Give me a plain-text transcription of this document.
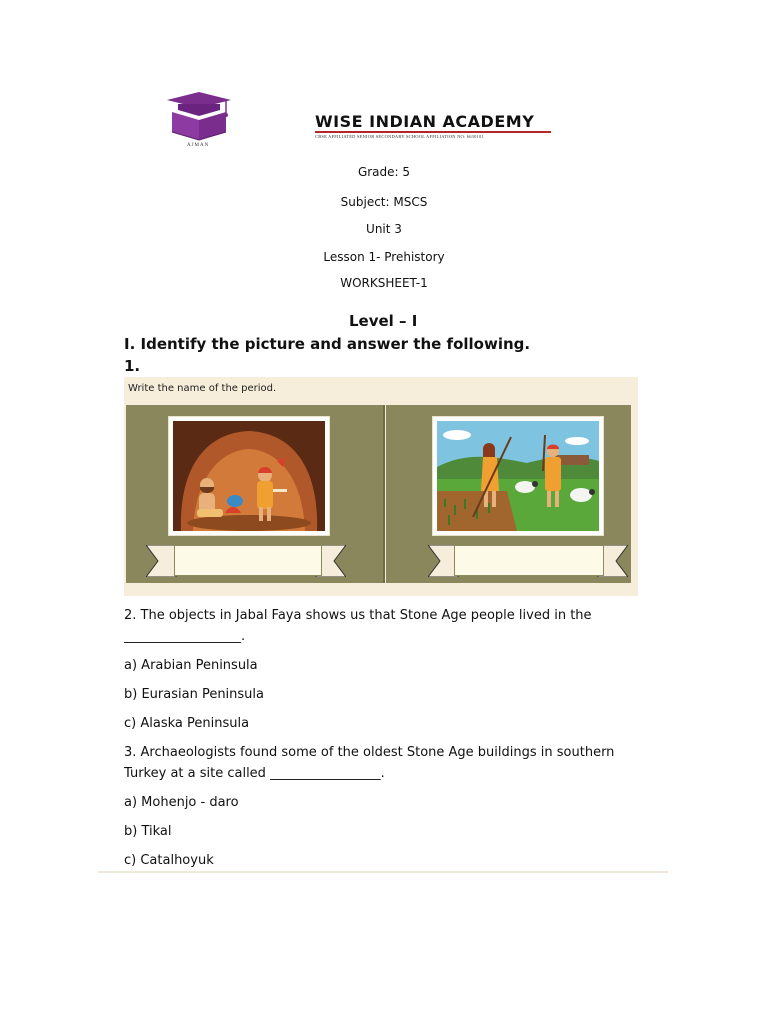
AJMAN
WISE INDIAN ACADEMY
CBSE AFFILIATED SENIOR SECONDARY SCHOOL AFFILIATION NO: 6630101
Grade: 5
Subject: MSCS
Unit 3
Lesson 1- Prehistory
WORKSHEET-1
Level – I
I. Identify the picture and answer the following.
1.
Write the name of the period.
2. The objects in Jabal Faya shows us that Stone Age people lived in the
__________________.
a) Arabian Peninsula
b) Eurasian Peninsula
c) Alaska Peninsula
3. Archaeologists found some of the oldest Stone Age buildings in southern
Turkey at a site called _________________.
a) Mohenjo - daro
b) Tikal
c) Catalhoyuk
